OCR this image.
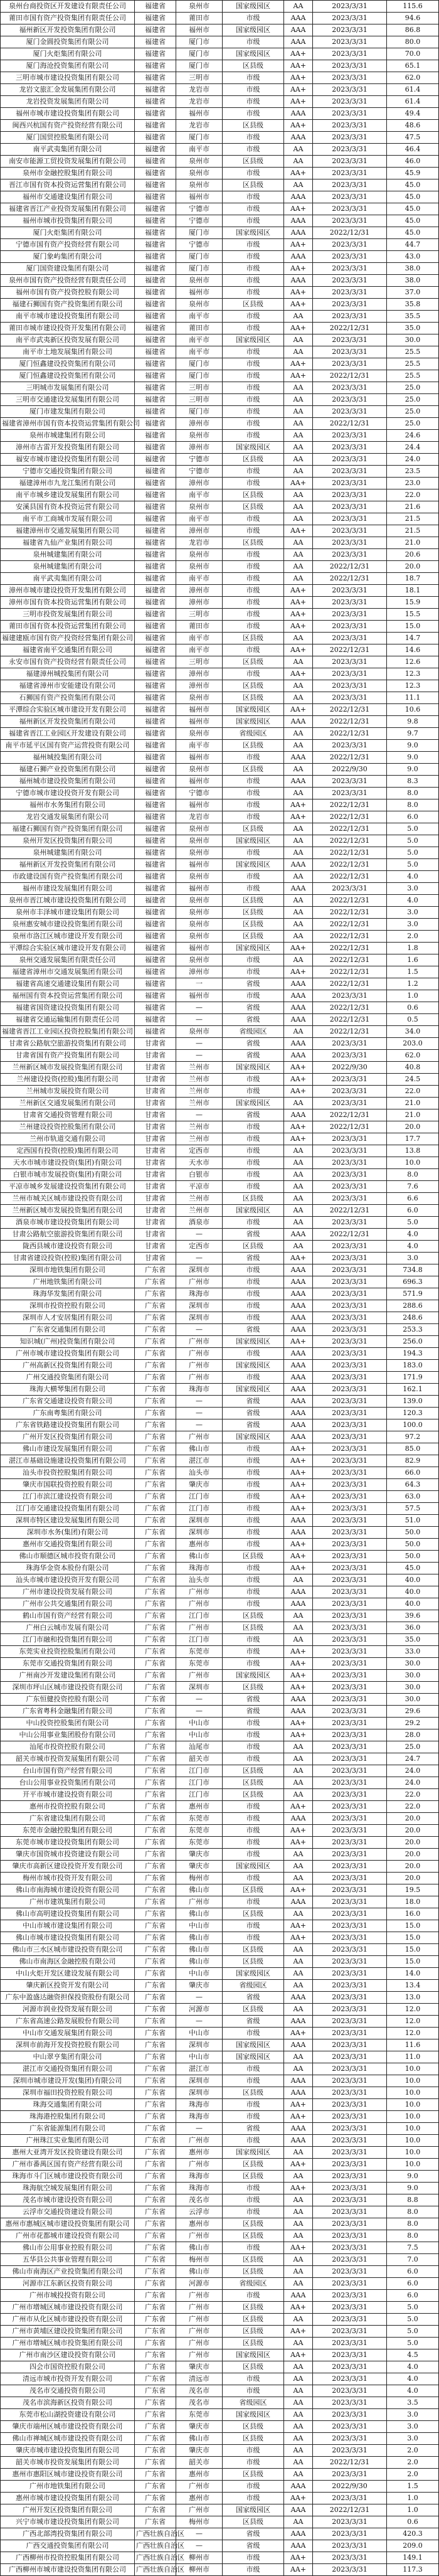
泉州台商投资区开发建设有限责任公司	福建省	泉州市	国家级园区	AA	2023/3/31	115.6
莆田市国有资产投资集团有限责任公司	福建省	莆田市	市级	AAA	2023/3/31	94.6
福州新区开发投资集团有限公司	福建省	福州市	国家级园区	AAA	2023/3/31	86.8
厦门金圆投资集团有限公司	福建省	厦门市	市级	AAA	2023/3/31	80.0
厦门火炬集团有限公司	福建省	厦门市	国家级园区	AA+	2023/3/31	70.0
厦门海沧投资集团有限公司	福建省	厦门市	区县级	AA+	2023/3/31	65.1
三明市城市建设投资集团有限公司	福建省	三明市	市级	AA+	2023/3/31	62.0
龙岩文旅汇金发展集团有限公司	福建省	龙岩市	市级	AA+	2023/3/31	61.4
龙岩投资发展集团有限公司	福建省	龙岩市	市级	AA+	2023/3/31	61.4
福州市城市建设投资集团有限公司	福建省	福州市	市级	AAA	2023/3/31	49.4
闽西兴杭国有资产投资经营有限公司	福建省	龙岩市	区县级	AA+	2023/3/31	48.6
厦门国贸控股集团有限公司	福建省	厦门市	市级	AAA	2023/3/31	47.5
南平武夷集团有限公司	福建省	南平市	市级	AA	2023/3/31	46.4
南安市能源工贸投资发展集团有限公司	福建省	泉州市	区县级	AA	2023/3/31	46.0
泉州市金融控股集团有限公司	福建省	泉州市	市级	AA+	2023/3/31	45.9
晋江市国有资本投资运营集团有限公司	福建省	泉州市	区县级	AA	2023/3/31	45.0
福州市交通建设集团有限公司	福建省	福州市	市级	AAA	2023/3/31	45.0
福建省晋江产业投资发展集团有限公司	福建省	宁德市	市级	AA+	2023/3/31	45.0
福州市城市投资集团有限公司	福建省	宁德市	市级	AAA	2023/3/31	45.0
厦门火炬集团有限公司	福建省	厦门市	国家级园区	AAA	2022/12/31	45.0
宁德市国有资产投资经营有限公司	福建省	宁德市	市级	AA+	2023/3/31	44.7
厦门象屿集团有限公司	福建省	厦门市	市级	AAA	2023/3/31	43.0
厦门国资建设集团有限公司	福建省	厦门市	市级	AA+	2023/3/31	38.0
泉州市国有资产投资经营有限责任公司	福建省	泉州市	市级	AAA	2023/3/31	38.0
福州市国有资产投资控股有限公司	福建省	福州市	市级	AA+	2023/3/31	37.0
福建石狮国有资产投资集团有限公司	福建省	泉州市	区县级	AA+	2023/3/31	35.8
南平市城市建设投资集团有限公司	福建省	南平市	市级	AA	2023/3/31	35.5
莆田市城市建设投资开发集团有限公司	福建省	莆田市	市级	AA+	2022/12/31	35.0
南平市武夷新区投资发展有限公司	福建省	南平市	国家级园区	AA	2023/3/31	30.0
南平市土地发展集团有限公司	福建省	南平市	市级	AA	2023/3/31	25.5
厦门恒鑫建设投资集团有限公司	福建省	厦门市	市级	AA+	2023/3/31	25.5
厦门恒鑫建设投资集团有限公司	福建省	厦门市	市级	AA+	2022/12/31	25.5
三明城市发展集团有限公司	福建省	三明市	市级	AA	2023/3/31	25.0
三明市交通建设发展集团有限公司	福建省	三明市	市级	AA	2023/3/31	25.0
厦门市建发集团有限公司	福建省	厦门市	市级	AA	2023/3/31	25.0
福建省漳州市国有资本投资运营集团有限公司	福建省	漳州市	市级	AA	2022/12/31	25.0
泉州市城建集团有限公司	福建省	泉州市	市级	AA	2023/3/31	24.6
漳州市古雷开发投资集团有限公司	福建省	漳州市	国家级园区	AA	2023/3/31	24.4
福安市城市建设投资集团有限公司	福建省	宁德市	区县级	AA	2023/3/31	24.0
宁德市交通投资集团有限公司	福建省	宁德市	市级	AA	2023/3/31	23.5
福建漳州市九龙江集团有限公司	福建省	漳州市	市级	AA+	2023/3/31	23.0
南平市城乡建设发展集团有限公司	福建省	南平市	区县级	AA	2023/3/31	22.0
安溪县国有资本投资运营有限公司	福建省	泉州市	区县级	AA	2023/3/31	21.6
南平市工商城市发展有限公司	福建省	南平市	市级	AA	2023/3/31	21.5
福建漳州市交通发展集团有限公司	福建省	漳州市	市级	AA+	2023/3/31	21.5
福建省九仙产业集团有限公司	福建省	龙岩市	区县级	AA	2023/3/31	21.0
泉州城建集团有限公司	福建省	泉州市	市级	AA	2023/3/31	20.6
泉州城建集团有限公司	福建省	泉州市	市级	AA	2022/12/31	20.0
南平武夷集团有限公司	福建省	南平市	市级	AA	2022/12/31	18.7
漳州市城市建设投资开发集团有限公司	福建省	漳州市	市级	AA+	2023/3/31	18.1
漳州市国有资本投资运营集团有限公司	福建省	漳州市	市级	AA+	2023/3/31	15.9
三明市投资发展集团有限公司	福建省	三明市	市级	AA+	2023/3/31	15.5
莆田市国有资本投资运营集团有限公司	福建省	莆田市	市级	AA+	2023/3/31	15.0
福建建瓯市国有资产投资经营集团有限公司	福建省	南平市	区县级	AA	2023/3/31	14.7
福建省南平交通集团有限公司	福建省	南平市	市级	AA+	2022/12/31	14.6
永安市国有资产投资经营有限责任公司	福建省	三明市	区县级	AA	2023/3/31	12.6
福建漳州城投集团有限公司	福建省	漳州市	市级	AA+	2023/3/31	12.3
福建省漳州市安能建设有限公司	福建省	漳州市	区县级	AA	2023/3/31	12.3
石狮国有资产投资集团有限公司	福建省	泉州市	区县级	AA	2023/3/31	11.1
平潭综合实验区城市建设开发有限公司	福建省	福州市	国家级园区	AA+	2022/12/31	10.6
福州新区开发投资集团有限公司	福建省	福州市	国家级园区	AAA	2022/12/31	9.8
福建省晋江工业园区开发建设有限公司	福建省	泉州市	省级园区	AA	2022/12/31	9.7
南平市延平区国有资产运营投资有限公司	福建省	南平市	区县级	AA	2023/3/31	9.0
福州城投集团有限公司	福建省	福州市	市级	AAA	2022/12/31	9.0
福建石狮产业投资集团有限公司	福建省	泉州市	区县级	AA	2022/9/30	9.0
福州城市建设投资集团有限公司	福建省	福州市	市级	AAA	2023/3/31	8.3
宁德市城市建设投资开发有限公司	福建省	宁德市	市级	AA	2023/3/31	8.0
福州市水务集团有限公司	福建省	福州市	市级	AA+	2022/12/31	8.0
龙岩交通发展集团有限公司	福建省	龙岩市	市级	AA+	2022/12/31	6.0
福建石狮国有资产投资集团有限公司	福建省	泉州市	区县级	AA	2022/12/31	5.0
泉州开发区投资集团有限公司	福建省	泉州市	国家级园区	AA	2022/12/31	5.0
泉州城建集团有限公司	福建省	泉州市	市级	AA	2022/12/31	5.0
福州新区开发投资集团有限公司	福建省	福州市	国家级园区	AAA	2022/12/31	5.0
市政建设国有资产投资集团有限公司	福建省	泉州市	市级	AA	2022/12/31	4.0
福州市建设发展集团有限公司	福建省	福州市	市级	AAA	2023/3/31	3.0
泉州市晋江城市建设投资集团有限公司	福建省	泉州市	区县级	AA	2022/12/31	4.0
泉州市丰泽城市建设集团有限公司	福建省	泉州市	区县级	AA	2022/12/31	3.0
泉州惠安城市建设投资集团有限公司	福建省	泉州市	区县级	AA	2022/12/31	3.0
泉州市洛江区城市建设开发有限公司	福建省	泉州市	区县级	AA	2022/12/31	2.0
平潭综合实验区城市建设开发有限公司	福建省	福州市	国家级园区	AA+	2022/12/31	1.8
泉州交通发展集团有限责任公司	福建省	泉州市	市级	AA	2022/12/31	1.6
福建省漳州市交通发展集团有限公司	福建省	漳州市	市级	AA+	2022/12/31	1.5
福建省高速交通建设集团有限公司	福建省	一	省级	AAA	2022/12/31	1.2
福州国有资本投资运营集团有限公司	福建省	福州市	市级	AAA	2023/3/31	1.0
福建省国资建设投资集团有限公司	福建省	—	省级	AAA	2022/12/31	0.6
福建省交通运输集团有限责任公司	福建省	—	省级	AAA	2022/12/31	0.5
福建省晋江工业园区投资控股集团有限公司	福建省	泉州市	省级园区	AA	2022/12/31	34.0
甘肃省公路航空旅游投资集团有限公司	甘肃省	—	省级	AAA	2023/3/31	203.0
甘肃省国有资产投资集团有限公司	甘肃省	—	省级	AAA	2023/3/31	62.0
兰州新区城市发展投资集团有限公司	甘肃省	兰州市	国家级园区	AA+	2022/9/30	40.8
兰州建设投资(控股)集团有限公司	甘肃省	兰州市	市级	AA+	2023/3/31	24.5
兰州城市发展投资有限公司	甘肃省	兰州市	市级	AA+	2023/3/31	22.0
兰州新区交通发展集团有限公司	甘肃省	兰州市	国家级园区	AA	2023/3/31	21.0
甘肃省交通投资管理有限公司	甘肃省	—	省级	AAA	2022/12/31	21.0
兰州建设投资控股集团有限公司	甘肃省	兰州市	市级	AA+	2022/12/31	20.0
兰州市轨道交通有限公司	甘肃省	兰州市	市级	AA+	2023/3/31	17.7
定西国有投资(控股)集团有限公司	甘肃省	定西市	市级	AA	2023/3/31	13.8
天水市城市建设投资(集团)有限公司	甘肃省	天水市	市级	AA	2023/3/31	10.0
白银市城市发展投资(集团)有限公司	甘肃省	白银市	市级	AA	2023/3/31	8.0
平凉市城乡发展建设投资集团有限公司	甘肃省	平凉市	市级	AA	2023/3/31	7.6
兰州市城关区城市建设投资有限公司	甘肃省	兰州市	区县级	AA	2023/3/31	6.6
兰州新区城市发展投资集团有限公司	甘肃省	兰州市	国家级园区	AA	2022/12/31	6.0
酒泉市城市建设投资集团有限公司	甘肃省	酒泉市	市级	AA	2023/3/31	5.0
甘肃公路航空旅游投资集团有限公司	甘肃省	—	省级	AAA	2022/12/31	4.0
陇西县城市建设投资有限公司	甘肃省	定西市	区县级	AA	2023/3/31	4.0
甘肃省建设投资(控股)集团有限公司	甘肃省	—	省级	AA+	2023/3/31	3.0
深圳市地铁集团有限公司	广东省	深圳市	市级	AAA	2023/3/31	734.8
广州地铁集团有限公司	广东省	广州市	市级	AAA	2023/3/31	696.3
珠海华发集团有限公司	广东省	珠海市	市级	AAA	2023/3/31	571.9
深圳市投资控股有限公司	广东省	深圳市	市级	AAA	2023/3/31	288.6
深圳市人才安居集团有限公司	广东省	深圳市	市级	AAA	2023/3/31	248.6
广东省交通集团有限公司	广东省	—	省级	AAA	2023/3/31	253.3
知识城(广州)投资集团有限公司	广东省	广州市	国家级园区	AA+	2023/3/31	256.0
广州市城市建设投资集团有限公司	广东省	广州市	市级	AAA	2023/3/31	194.3
广州高新区投资集团有限公司	广东省	广州市	国家级园区	AAA	2023/3/31	183.0
广州交通投资集团有限公司	广东省	广州市	市级	AAA	2023/3/31	171.9
珠海大横琴集团有限公司	广东省	珠海市	国家级园区	AAA	2023/3/31	162.1
广东省交通建设投资有限公司	广东省	—	省级	AAA	2023/3/31	139.0
广东南粤集团有限公司	广东省	—	省级	AAA	2023/3/31	120.3
广东省铁路建设投资集团有限公司	广东省	—	省级	AAA	2023/3/31	100.0
广州开发区投资集团有限公司	广东省	广州市	国家级园区	AAA	2023/3/31	97.2
佛山市建设发展集团有限公司	广东省	佛山市	市级	AA+	2023/3/31	85.0
湛江市基础设施建设投资集团有限公司	广东省	湛江市	市级	AA+	2023/3/31	82.9
汕头市投资控股集团有限公司	广东省	汕头市	市级	AA+	2023/3/31	66.0
肇庆市国联投资控股有限公司	广东省	肇庆市	市级	AA+	2023/3/31	64.3
江门市滨江建设投资有限公司	广东省	江门市	市级	AA+	2023/3/31	63.0
江门市交通建设投资集团有限公司	广东省	江门市	市级	AA+	2023/3/31	57.5
深圳市特区建设发展集团有限公司	广东省	深圳市	市级	AAA	2023/3/31	51.0
深圳市水务(集团)有限公司	广东省	深圳市	市级	AAA	2023/3/31	50.0
惠州市交通投资集团有限公司	广东省	惠州市	市级	AA+	2023/3/31	50.0
佛山市顺德区城市投资有限公司	广东省	佛山市	区县级	AA+	2023/3/31	50.0
珠海华金资本股份有限公司	广东省	珠海市	市级	AA+	2023/3/31	45.0
汕头市城市建设投资开发有限公司	广东省	汕头市	市级	AA	2023/3/31	40.0
广州市建设投资发展有限公司	广东省	广州市	市级	AAA	2023/3/31	40.0
广州市公共交通集团有限公司	广东省	广州市	市级	AAA	2023/3/31	40.0
鹤山市国有资产经营有限公司	广东省	江门市	区县级	AA	2023/3/31	39.6
广州白云城市发展有限公司	广东省	广州市	区县级	AA	2023/3/31	36.0
江门市融和投资集团有限公司	广东省	江门市	市级	AA	2023/3/31	35.0
东莞实业投资控股集团有限公司	广东省	东莞市	市级	AA+	2023/3/31	33.0
东莞市交通投资集团有限公司	广东省	东莞市	市级	AA+	2023/3/31	30.0
广州南沙开发建设集团有限公司	广东省	广州市	国家级园区	AA+	2023/3/31	30.0
深圳市坪山区城市建设投资有限公司	广东省	深圳市	区县级	AA+	2023/3/31	30.0
广东恒健投资控股有限公司	广东省	—	省级	AAA	2023/3/31	30.0
广东省粤科金融集团有限公司	广东省	—	省级	AAA	2023/3/31	29.6
中山投资控股集团有限公司	广东省	中山市	市级	AA+	2023/3/31	29.2
中山公用事业集团股份有限公司	广东省	中山市	市级	AA+	2023/3/31	28.0
汕尾市投资控股有限公司	广东省	汕尾市	市级	AA	2023/3/31	25.0
韶关市城市投资发展集团有限公司	广东省	韶关市	市级	AA	2023/3/31	24.7
台山市国有资产经营有限公司	广东省	江门市	区县级	AA	2023/3/31	24.0
台山公用事业投资集团有限公司	广东省	江门市	区县级	AA	2023/3/31	24.0
开平市城市建设投资有限公司	广东省	江门市	区县级	AA	2023/3/31	22.0
惠州市投资控股有限公司	广东省	惠州市	市级	AA+	2023/3/31	22.0
广东省建设集团有限公司	广东省	东莞市	市级	AAA	2023/3/31	20.0
东莞市金融控股集团有限公司	广东省	东莞市	市级	AA+	2023/3/31	20.0
东莞市城市建设投资集团有限公司	广东省	东莞市	市级	AA+	2023/3/31	20.0
肇庆市国资城市投资建设有限公司	广东省	肇庆市	市级	AA	2023/3/31	20.0
肇庆市高新区建设投资开发有限公司	广东省	肇庆市	国家级园区	AA	2023/3/31	20.0
梅州市城市投资开发有限公司	广东省	梅州市	市级	AA	2023/3/31	20.0
佛山市南海城市建设投资有限公司	广东省	佛山市	区县级	AA+	2023/3/31	19.5
广州市建筑集团有限公司	广东省	广州市	市级	AAA	2023/3/31	18.0
佛山市高明建设投资集团有限公司	广东省	佛山市	区县级	AA	2023/3/31	16.0
中山市城市建设集团有限公司	广东省	中山市	市级	AA+	2023/3/31	15.0
佛山市城市建设投资集团有限公司	广东省	佛山市	市级	AA+	2023/3/31	15.0
佛山市三水区城市建设投资有限公司	广东省	佛山市	区县级	AA	2023/3/31	15.0
佛山市南海区金融控股有限公司	广东省	佛山市	区县级	AA	2023/3/31	15.0
中山火炬开发区建设发展有限公司	广东省	中山市	国家级园区	AA	2023/3/31	14.0
肇庆新区投资开发有限公司	广东省	肇庆市	省级园区	AA	2023/3/31	13.4
广东中盈盛达融资担保投资股份有限公司	广东省	—	省级	AAA	2023/3/31	13.0
河源市润业投资发展有限公司	广东省	河源市	区县级	AA	2023/3/31	12.0
广东省高速公路发展股份有限公司	广东省	—	省级	AAA	2023/3/31	12.0
中山市交通发展集团有限公司	广东省	中山市	市级	AA+	2023/3/31	12.0
深圳市前海开发投资控股有限公司	广东省	深圳市	国家级园区	AAA	2023/3/31	11.6
中山翠亨集团有限公司	广东省	中山市	国家级园区	AA	2023/3/31	11.0
湛江市交通投资集团有限公司	广东省	湛江市	市级	AA	2023/3/31	10.0
深圳市城市建设开发(集团)有限公司	广东省	深圳市	市级	AAA	2023/3/31	10.0
深圳市福田投资控股有限公司	广东省	深圳市	区县级	AAA	2023/3/31	10.0
珠海交通集团有限公司	广东省	珠海市	市级	AA+	2023/3/31	10.0
珠海港控股集团有限公司	广东省	珠海市	市级	AA+	2023/3/31	10.0
广东省能源集团有限公司	广东省	—	省级	AAA	2023/3/31	10.0
广州珠江实业集团有限公司	广东省	广州市	市级	AAA	2023/3/31	10.0
惠州大亚湾开发区投资建设有限公司	广东省	惠州市	国家级园区	AA	2023/3/31	10.0
广州市番禺区国有资产经营有限公司	广东省	广州市	区县级	AA+	2023/3/31	10.0
珠海市斗门区城市建设投资有限公司	广东省	珠海市	区县级	AA	2023/3/31	9.0
珠海航空城发展集团有限公司	广东省	珠海市	市级	AA+	2023/3/31	9.0
茂名市城市建设投资有限公司	广东省	茂名市	市级	AA	2023/3/31	8.8
云浮市交通投资建设有限公司	广东省	云浮市	市级	AA	2023/3/31	8.0
惠州市惠城区城市建设投资集团有限公司	广东省	惠州市	区县级	AA	2023/3/31	8.0
广州市花都城市建设投资有限公司	广东省	广州市	区县级	AA	2023/3/31	8.0
佛山市公用事业控股有限公司	广东省	佛山市	市级	AA+	2023/3/31	7.5
五华县公共事业管理有限公司	广东省	梅州市	区县级	AA	2023/3/31	7.0
佛山市南海区产业投资集团有限公司	广东省	佛山市	区县级	AA	2023/3/31	6.0
河源市江东新区投资有限公司	广东省	河源市	省级园区	AA	2023/3/31	6.0
广州市城投投资有限公司	广东省	广州市	市级	AAA	2023/3/31	6.0
广州市增城区城市建设投资有限公司	广东省	广州市	区县级	AA+	2023/3/31	5.0
广州市从化区城市建设投资有限公司	广东省	广州市	区县级	AA	2023/3/31	5.0
广州市黄埔区建设投资集团有限公司	广东省	广州市	区县级	AA+	2023/3/31	5.0
广州市增城区城市投资集团有限公司	广东省	广州市	区县级	AA	2023/3/31	5.0
广州市南沙区建设投资有限公司	广东省	广州市	国家级园区	AA+	2023/3/31	4.5
四会市国资控股有限公司	广东省	肇庆市	区县级	AA	2023/3/31	4.0
清远市城市投资开发有限公司	广东省	清远市	市级	AA	2023/3/31	4.0
茂名市交通投资有限公司	广东省	茂名市	市级	AA	2023/3/31	4.0
茂名市滨海新区投资有限公司	广东省	茂名市	省级园区	AA	2023/3/31	3.5
东莞市松山湖投资建设有限公司	广东省	东莞市	国家级园区	AA	2023/3/31	3.0
肇庆市端州区城市建设投资有限公司	广东省	肇庆市	区县级	AA	2023/3/31	3.0
佛山市禅城区城市建设投资有限公司	广东省	佛山市	区县级	AA	2023/3/31	3.0
肇庆市城市建设投资集团有限公司	广东省	肇庆市	市级	AA	2023/3/31	2.0
韶关市城市投资发展集团有限公司	广东省	韶关市	市级	AA	2022/12/31	2.0
惠州市惠阳区城市建设投资有限公司	广东省	惠州市	区县级	AA	2023/3/31	2.0
广州市地铁集团有限公司	广东省	广州市	市级	AAA	2022/9/30	1.5
惠州市城市建设投资集团有限公司	广东省	惠州市	市级	AA+	2023/3/31	1.0
广州开发区投资集团有限公司	广东省	广州市	国家级园区	AAA	2022/12/31	1.0
兴宁市城市建设投资集团有限公司	广东省	梅州市	区县级	AA	2023/3/31	0.6
广西北部湾投资集团有限公司	广西壮族自治区	—	省级	AAA	2023/3/31	420.3
广西交通投资集团有限公司	广西壮族自治区	—	省级	AAA	2023/3/31	209.0
广西柳州市投资控股集团有限公司	广西壮族自治区	柳州市	市级	AA+	2023/3/31	149.1
广西柳州市城市建设投资集团有限公司	广西壮族自治区	柳州市	市级	AA+	2023/3/31	117.3
